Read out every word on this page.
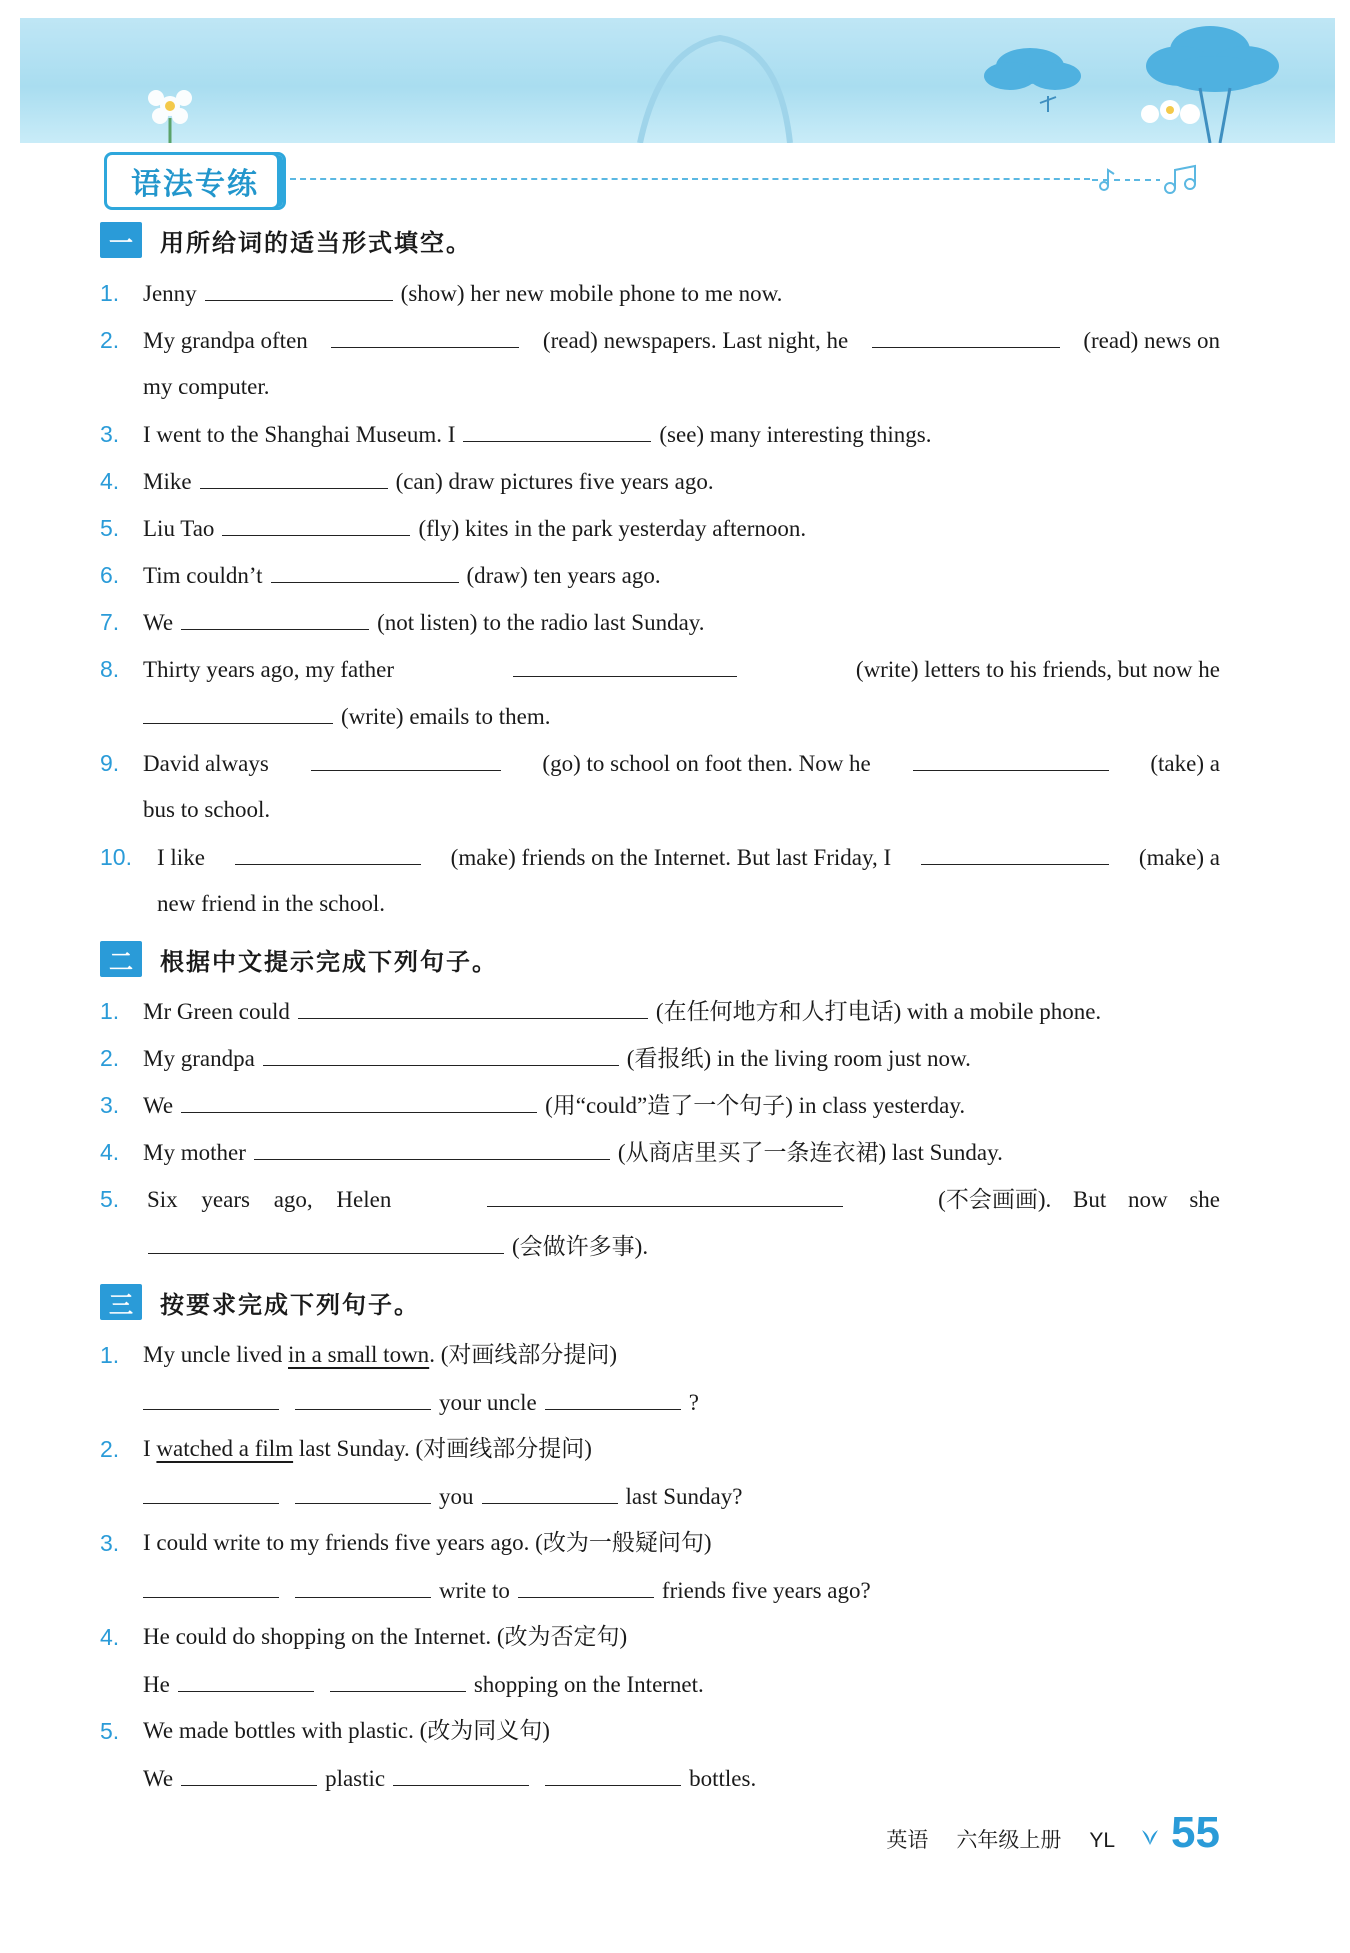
语法专练
一	用所给词的适当形式填空。
1. Jenny	(show) her new mobile phone to me now.
2. My grandpa often	(read) newspapers. Last night, he	(read) news on
my computer.
3. I went to the Shanghai Museum. I	(see) many interesting things.
4. Mike	(can) draw pictures five years ago.
5. Liu Tao	(fly) kites in the park yesterday afternoon.
6. Tim couldn’t	(draw) ten years ago.
7. We	(not listen) to the radio last Sunday.
8. Thirty years ago, my father	(write) letters to his friends, but now he
(write) emails to them.
9. David always	(go) to school on foot then. Now he	(take) a
bus to school.
10. I like	(make) friends on the Internet. But last Friday, I	(make) a
new friend in the school.
二	根据中文提示完成下列句子。
1. Mr Green could	(在任何地方和人打电话) with a mobile phone.
2. My grandpa	(看报纸) in the living room just now.
3. We	(用“could”造了一个句子) in class yesterday.
4. My mother	(从商店里买了一条连衣裙) last Sunday.
5. Six years ago, Helen	(不会画画). But now she
(会做许多事).
三	按要求完成下列句子。
1. My uncle lived in a small town. (对画线部分提问)
your uncle	?
2. I watched a film last Sunday. (对画线部分提问)
you	last Sunday?
3. I could write to my friends five years ago. (改为一般疑问句)
write to	friends five years ago?
4. He could do shopping on the Internet. (改为否定句)
He	shopping on the Internet.
5. We made bottles with plastic. (改为同义句)
We	plastic	bottles.
英语 六年级上册 YL 55
